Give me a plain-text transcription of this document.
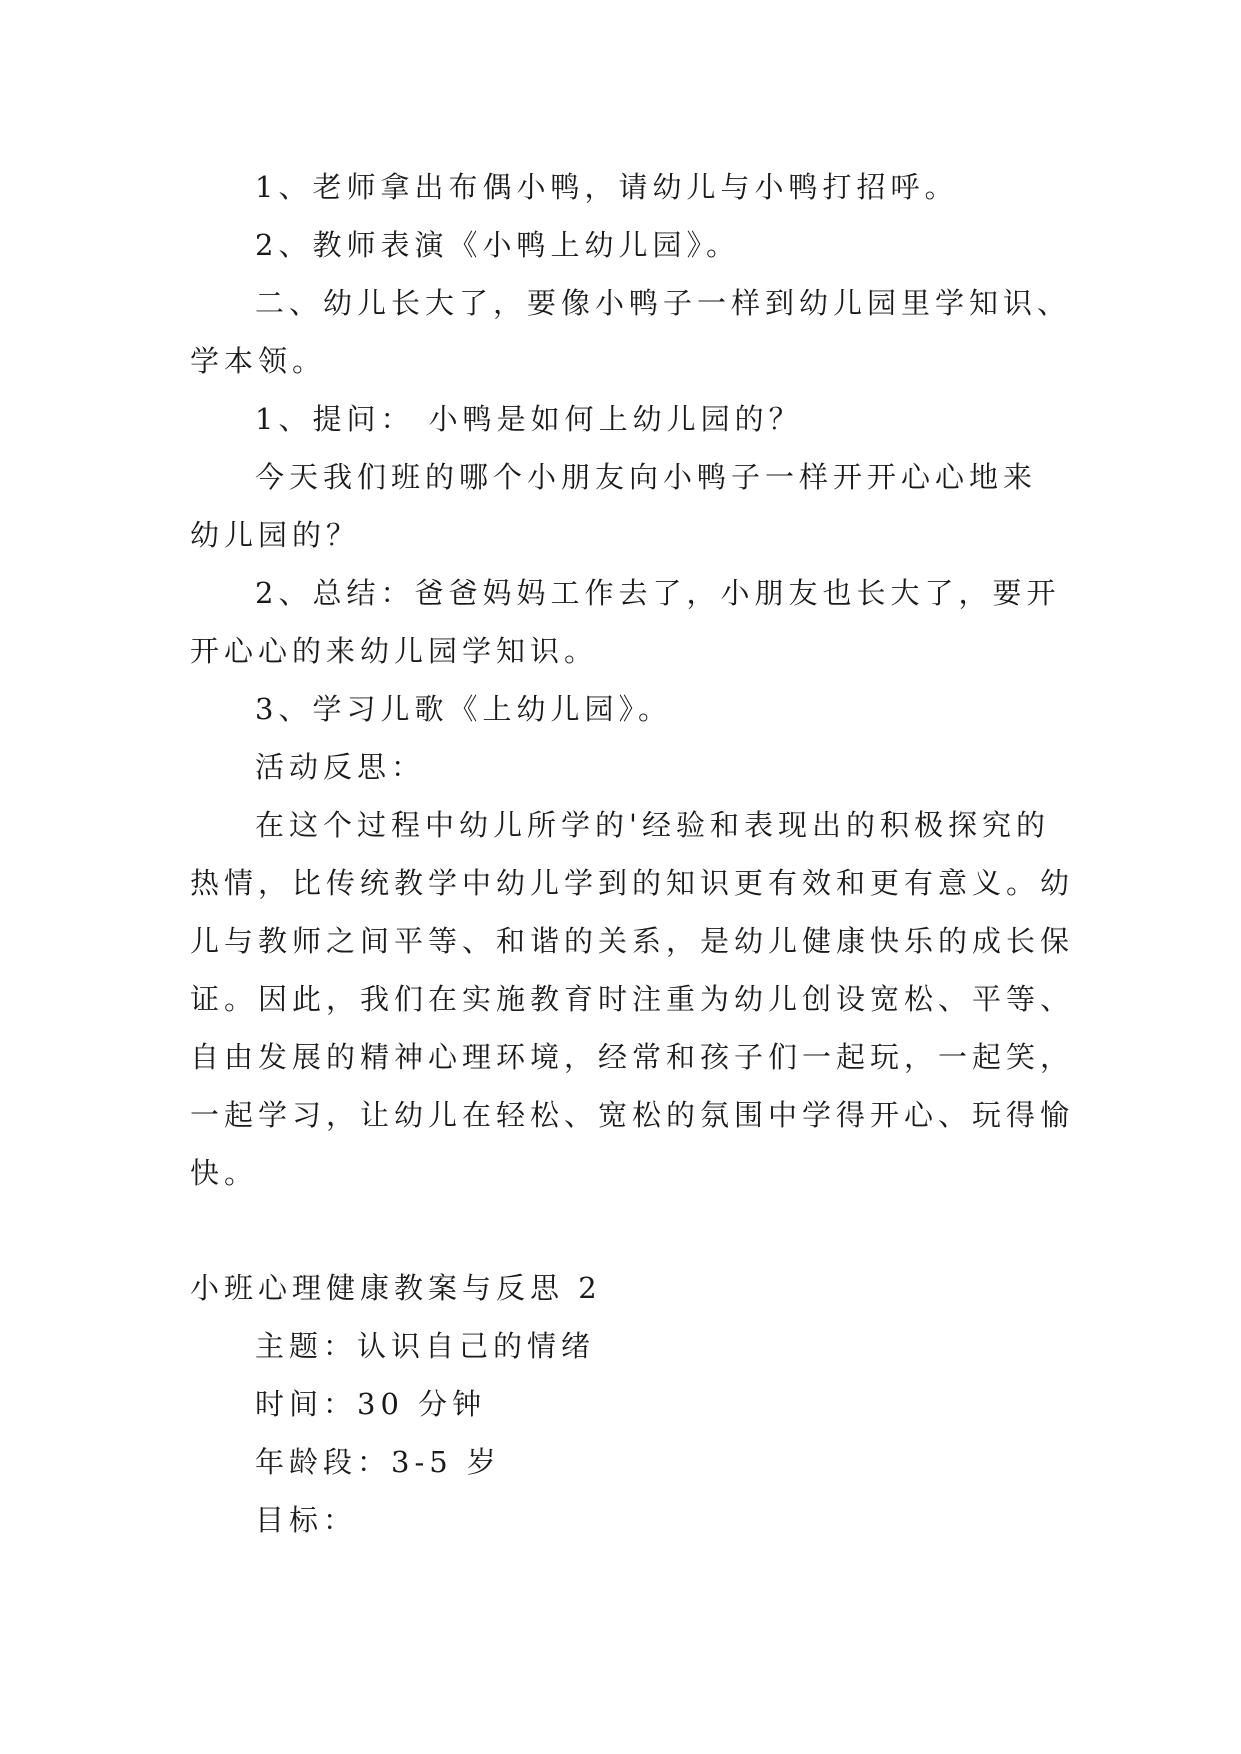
1、老师拿出布偶小鸭，请幼儿与小鸭打招呼。
2、教师表演《小鸭上幼儿园》。
二、幼儿长大了，要像小鸭子一样到幼儿园里学知识、
学本领。
1、提问： 小鸭是如何上幼儿园的？
今天我们班的哪个小朋友向小鸭子一样开开心心地来
幼儿园的？
2、总结：爸爸妈妈工作去了，小朋友也长大了，要开
开心心的来幼儿园学知识。
3、学习儿歌《上幼儿园》。
活动反思：
在这个过程中幼儿所学的'经验和表现出的积极探究的
热情，比传统教学中幼儿学到的知识更有效和更有意义。幼
儿与教师之间平等、和谐的关系，是幼儿健康快乐的成长保
证。因此，我们在实施教育时注重为幼儿创设宽松、平等、
自由发展的精神心理环境，经常和孩子们一起玩，一起笑，
一起学习，让幼儿在轻松、宽松的氛围中学得开心、玩得愉
快。
小班心理健康教案与反思 2
主题：认识自己的情绪
时间：30 分钟
年龄段：3-5 岁
目标：
